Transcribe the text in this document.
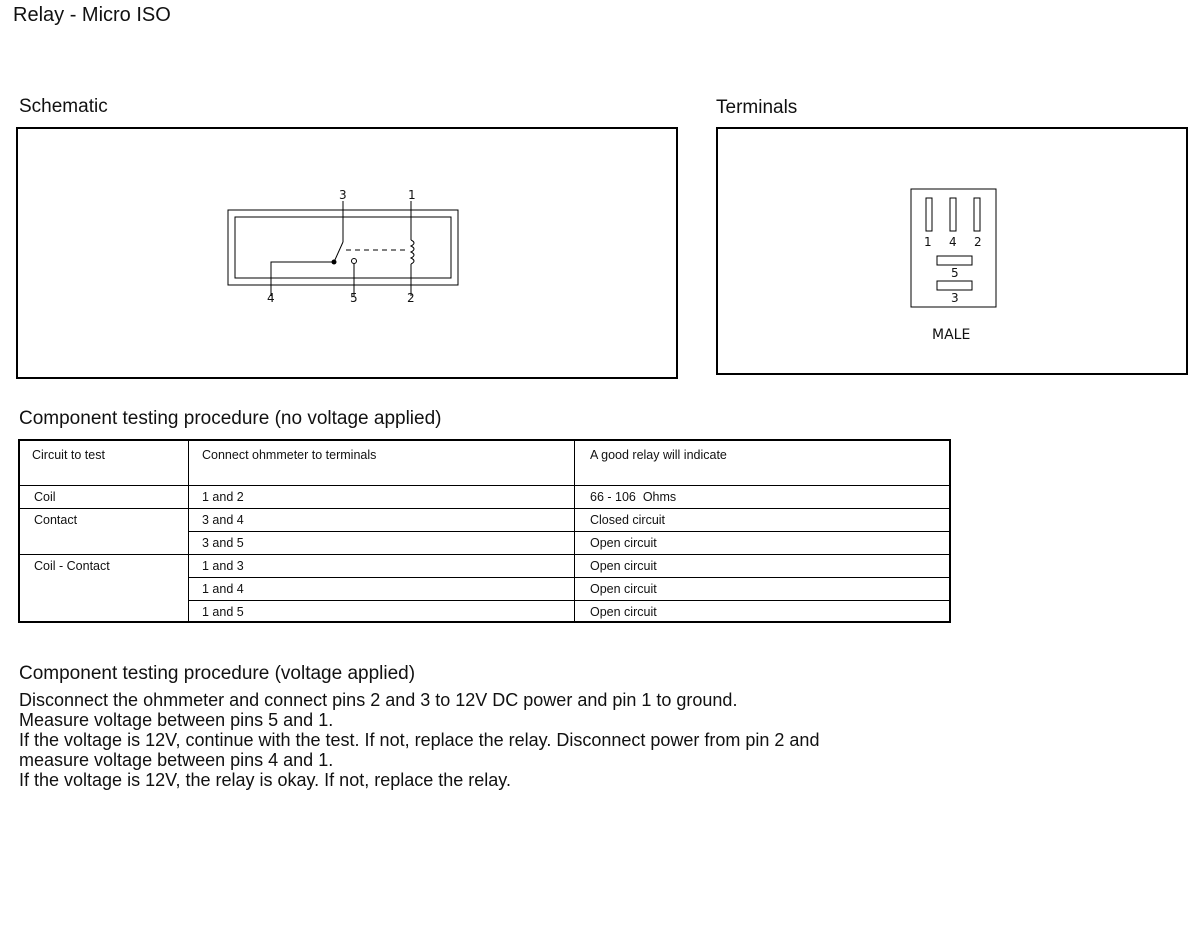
Relay - Micro ISO
Schematic
3	1
4	5	2
Terminals
1 4 2
5
3
MALE
Component testing procedure (no voltage applied)
Circuit to test	Connect ohmmeter to terminals	A good relay will indicate
Coil	1 and 2	66 - 106  Ohms
Contact	3 and 4	Closed circuit
3 and 5	Open circuit
Coil - Contact	1 and 3	Open circuit
1 and 4	Open circuit
1 and 5	Open circuit
Component testing procedure (voltage applied)
Disconnect the ohmmeter and connect pins 2 and 3 to 12V DC power and pin 1 to ground.
Measure voltage between pins 5 and 1.
If the voltage is 12V, continue with the test. If not, replace the relay. Disconnect power from pin 2 and
measure voltage between pins 4 and 1.
If the voltage is 12V, the relay is okay. If not, replace the relay.
